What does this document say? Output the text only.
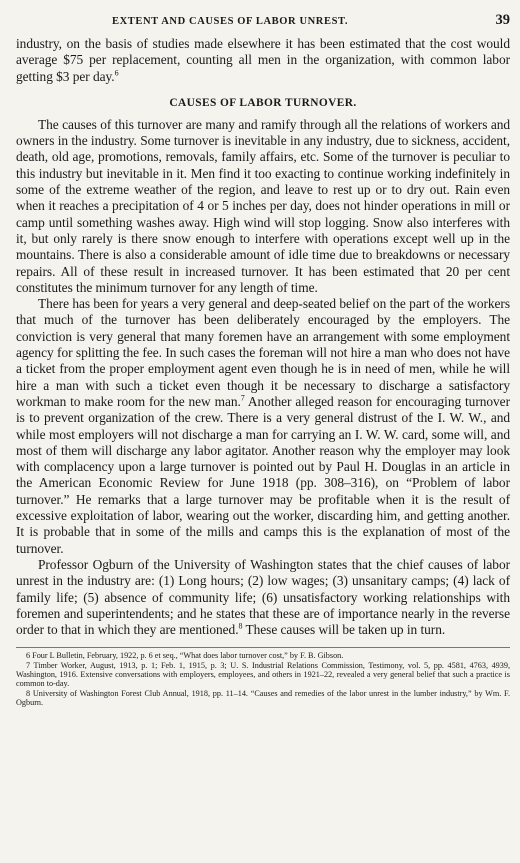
EXTENT AND CAUSES OF LABOR UNREST.	39

industry, on the basis of studies made elsewhere it has been estimated that the cost would average $75 per replacement, counting all men in the organization, with common labor getting $3 per day.$^6$

CAUSES OF LABOR TURNOVER.

The causes of this turnover are many and ramify through all the relations of workers and owners in the industry. Some turnover is inevitable in any industry, due to sickness, accident, death, old age, promotions, removals, family affairs, etc. Some of the turnover is peculiar to this industry but inevitable in it. Men find it too exacting to continue working indefinitely in some of the extreme weather of the region, and leave to rest up or to dry out. Rain even when it reaches a precipitation of 4 or 5 inches per day, does not hinder operations in mill or camp until something washes away. High wind will stop logging. Snow also interferes with it, but only rarely is there snow enough to interfere with operations except well up in the mountains. There is also a considerable amount of idle time due to breakdowns or necessary repairs. All of these result in increased turnover. It has been estimated that 20 per cent constitutes the minimum turnover for any length of time.

There has been for years a very general and deep-seated belief on the part of the workers that much of the turnover has been deliberately encouraged by the employers. The conviction is very general that many foremen have an arrangement with some employment agency for splitting the fee. In such cases the foreman will not hire a man who does not have a ticket from the proper employment agent even though he is in need of men, while he will hire a man with such a ticket even though it be necessary to discharge a satisfactory workman to make room for the new man.$^7$ Another alleged reason for encouraging turnover is to prevent organization of the crew. There is a very general distrust of the I. W. W., and while most employers will not discharge a man for carrying an I. W. W. card, some will, and most of them will discharge any labor agitator. Another reason why the employer may look with complacency upon a large turnover is pointed out by Paul H. Douglas in an article in the American Economic Review for June 1918 (pp. 308–316), on “Problem of labor turnover.” He remarks that a large turnover may be profitable when it is the result of excessive exploitation of labor, wearing out the worker, discarding him, and getting another. It is probable that in some of the mills and camps this is the explanation of most of the turnover.

Professor Ogburn of the University of Washington states that the chief causes of labor unrest in the industry are: (1) Long hours; (2) low wages; (3) unsanitary camps; (4) lack of family life; (5) absence of community life; (6) unsatisfactory working relationships with foremen and superintendents; and he states that these are of importance nearly in the reverse order to that in which they are mentioned.$^8$ These causes will be taken up in turn.

6 Four L Bulletin, February, 1922, p. 6 et seq., “What does labor turnover cost,” by F. B. Gibson.

7 Timber Worker, August, 1913, p. 1; Feb. 1, 1915, p. 3; U. S. Industrial Relations Commission, Testimony, vol. 5, pp. 4581, 4763, 4939, Washington, 1916. Extensive conversations with employers, employees, and others in 1921–22, revealed a very general belief that such a practice is common to-day.

8 University of Washington Forest Club Annual, 1918, pp. 11–14. “Causes and remedies of the labor unrest in the lumber industry,” by Wm. F. Ogburn.
